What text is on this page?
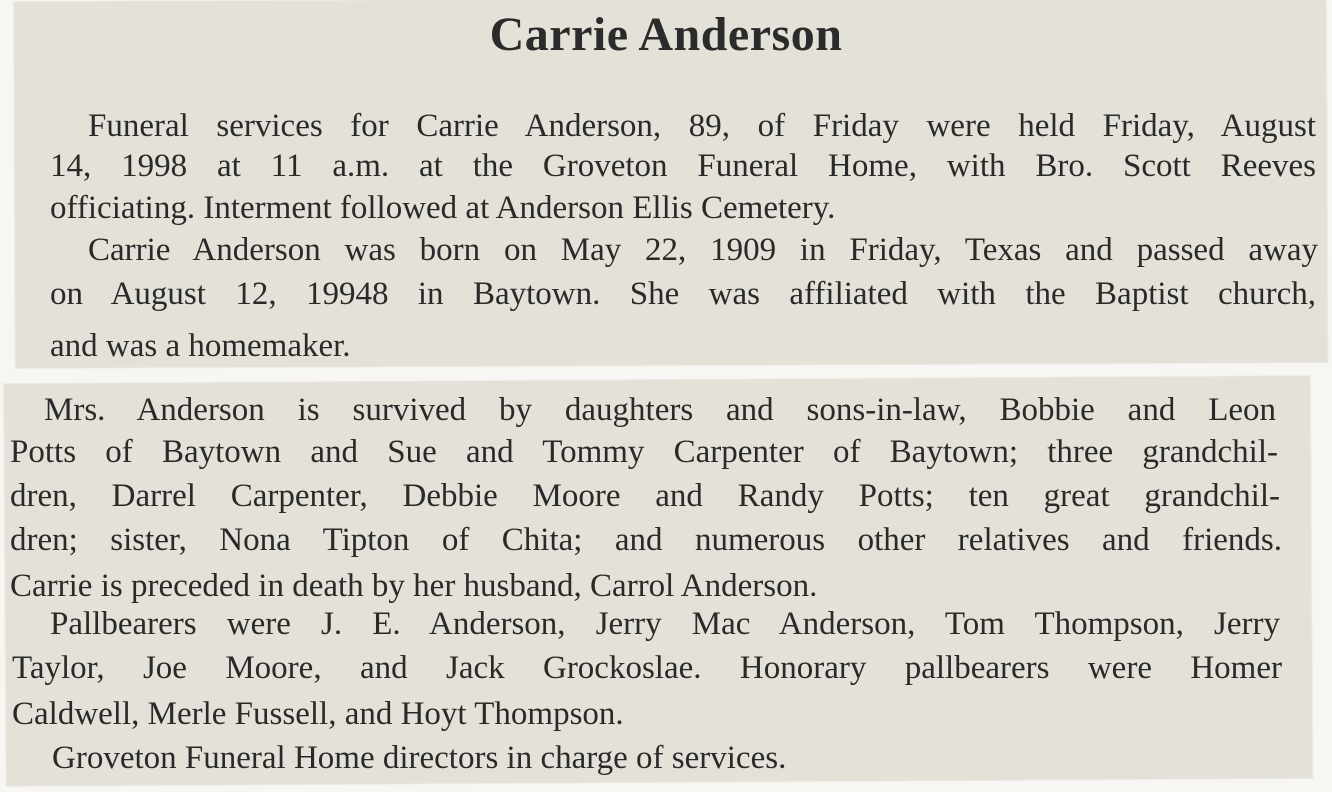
Carrie Anderson
Funeral services for Carrie Anderson, 89, of Friday were held Friday, August
14, 1998 at 11 a.m. at the Groveton Funeral Home, with Bro. Scott Reeves
officiating. Interment followed at Anderson Ellis Cemetery.
Carrie Anderson was born on May 22, 1909 in Friday, Texas and passed away
on August 12, 19948 in Baytown. She was affiliated with the Baptist church,
and was a homemaker.
Mrs. Anderson is survived by daughters and sons-in-law, Bobbie and Leon
Potts of Baytown and Sue and Tommy Carpenter of Baytown; three grandchil-
dren, Darrel Carpenter, Debbie Moore and Randy Potts; ten great grandchil-
dren; sister, Nona Tipton of Chita; and numerous other relatives and friends.
Carrie is preceded in death by her husband, Carrol Anderson.
Pallbearers were J. E. Anderson, Jerry Mac Anderson, Tom Thompson, Jerry
Taylor, Joe Moore, and Jack Grockoslae. Honorary pallbearers were Homer
Caldwell, Merle Fussell, and Hoyt Thompson.
Groveton Funeral Home directors in charge of services.
